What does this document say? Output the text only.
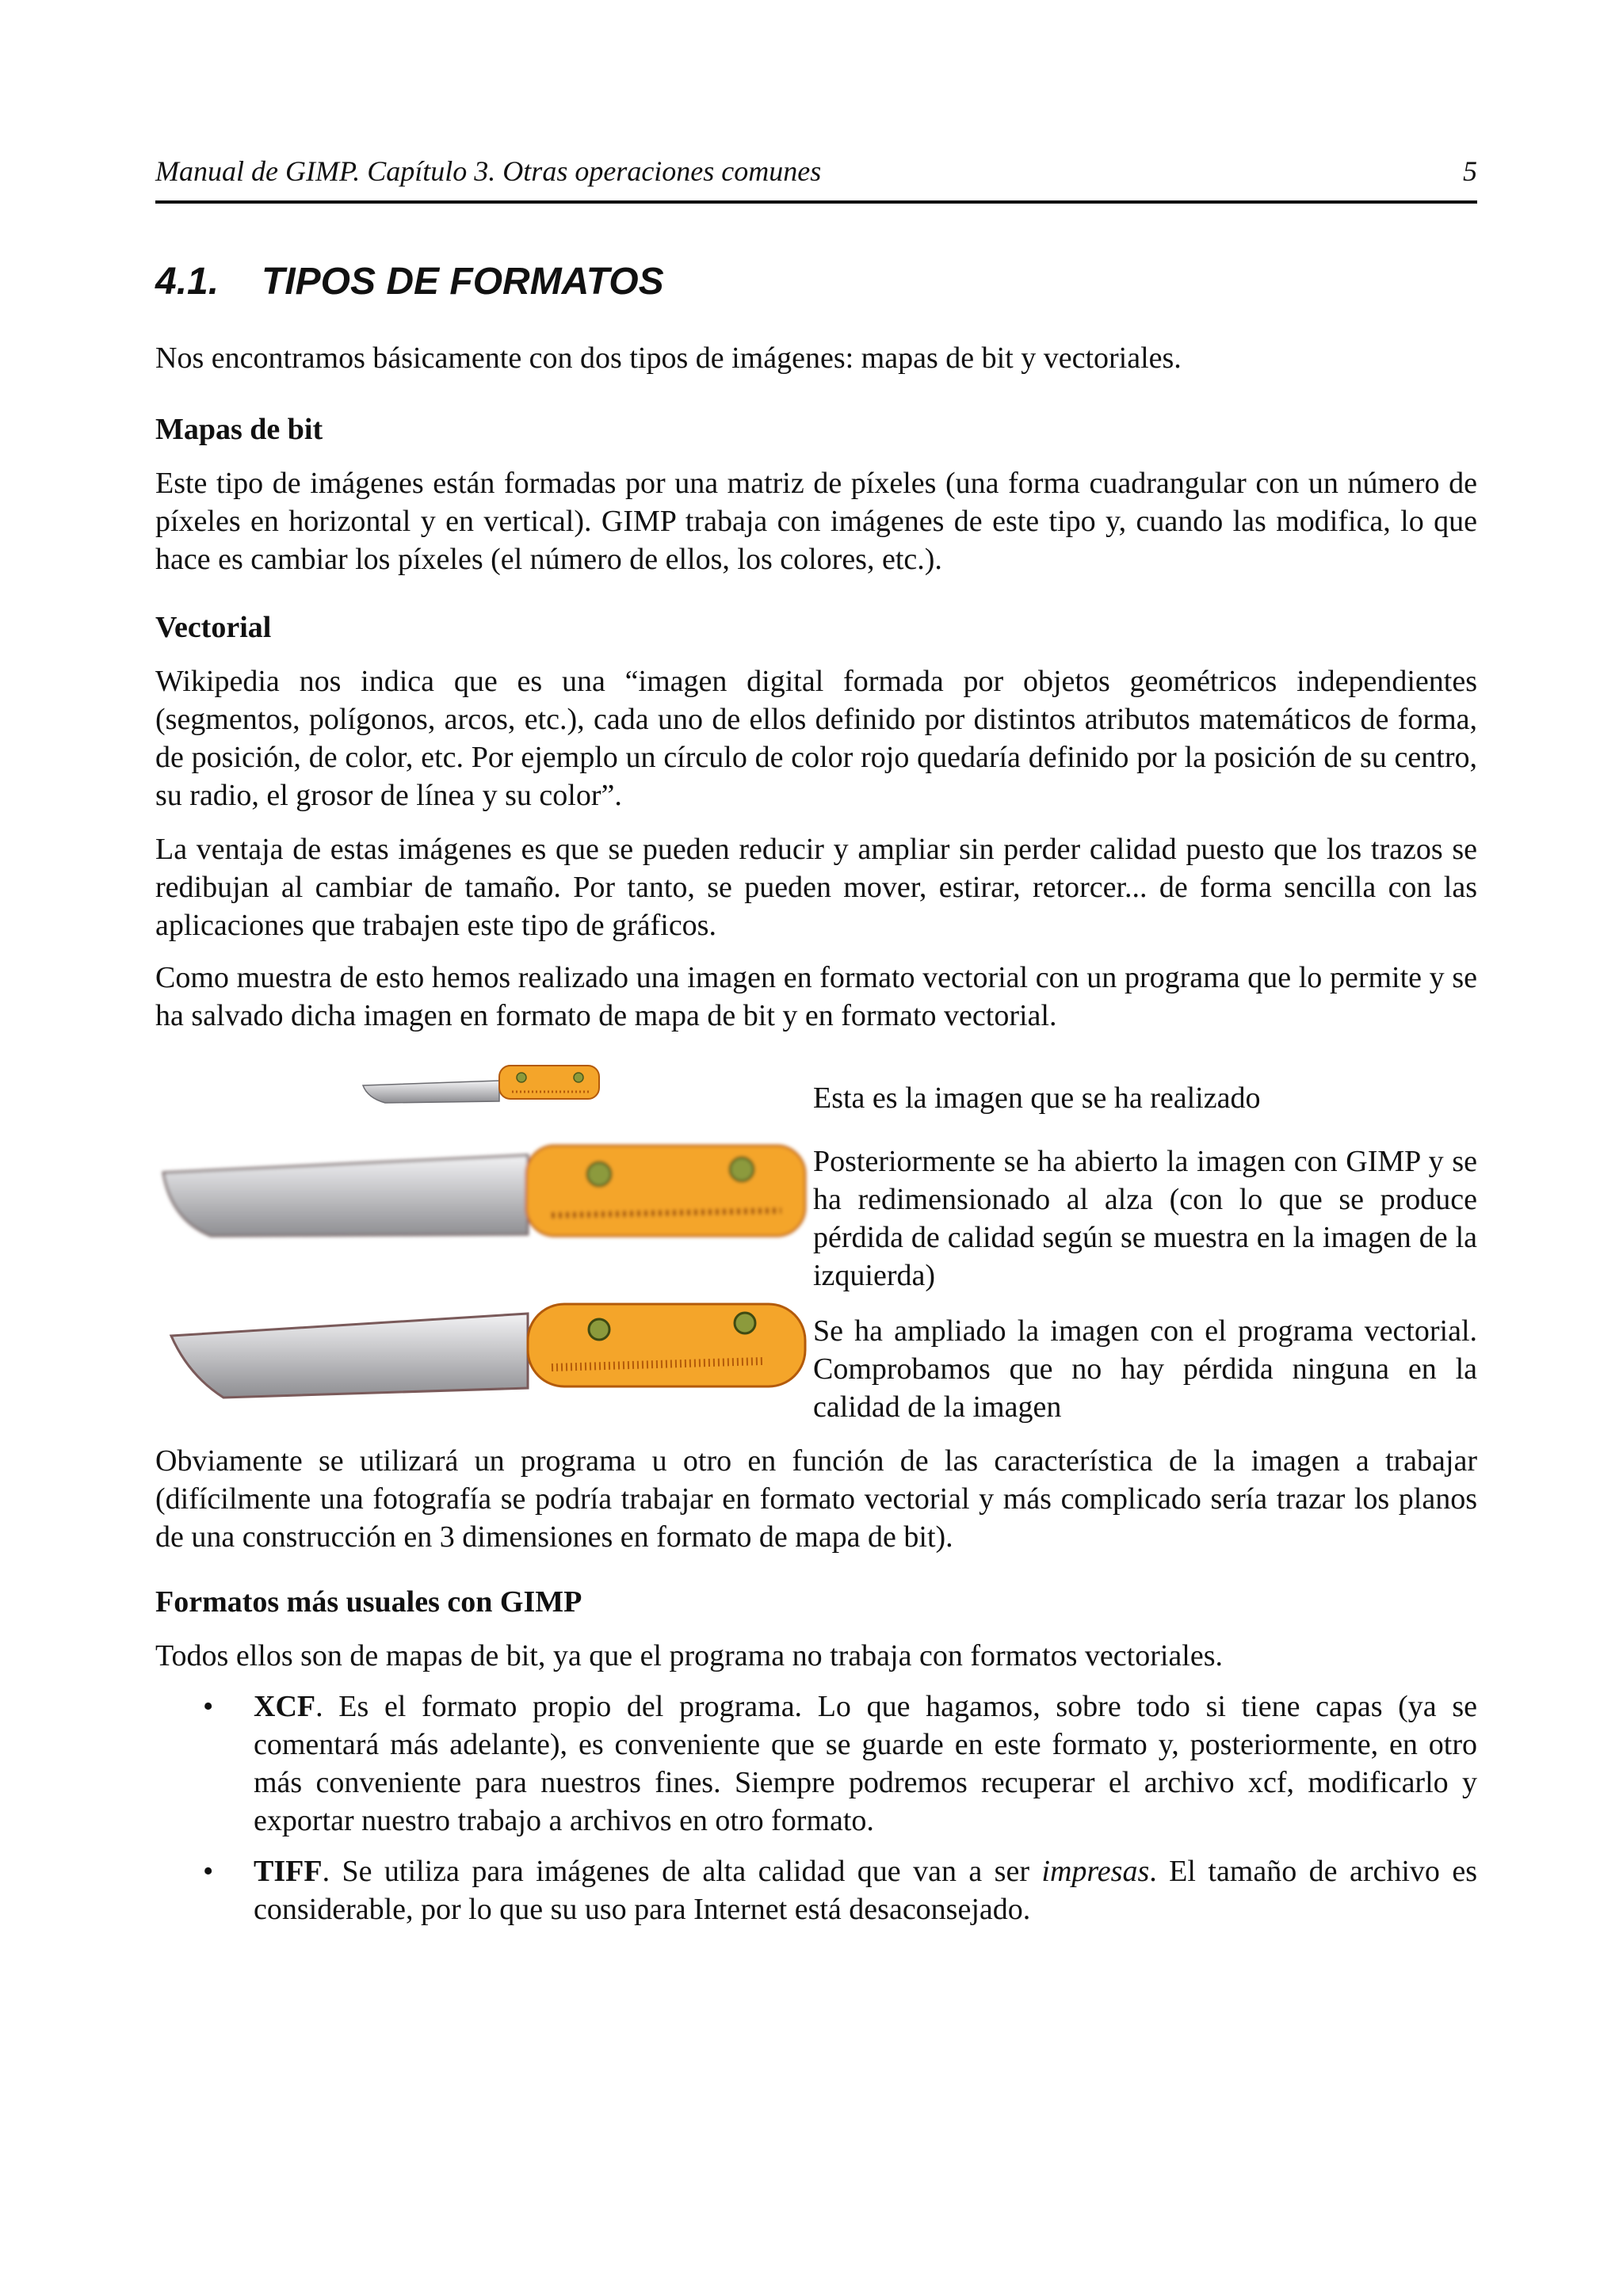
Manual de GIMP. Capítulo 3. Otras operaciones comunes	5
4.1. TIPOS DE FORMATOS

Nos encontramos básicamente con dos tipos de imágenes: mapas de bit y vectoriales.

Mapas de bit

Este tipo de imágenes están formadas por una matriz de píxeles (una forma cuadrangular con un número de píxeles en horizontal y en vertical). GIMP trabaja con imágenes de este tipo y, cuando las modifica, lo que hace es cambiar los píxeles (el número de ellos, los colores, etc.).

Vectorial

Wikipedia nos indica que es una “imagen digital formada por objetos geométricos independientes (segmentos, polígonos, arcos, etc.), cada uno de ellos definido por distintos atributos matemáticos de forma, de posición, de color, etc. Por ejemplo un círculo de color rojo quedaría definido por la posición de su centro, su radio, el grosor de línea y su color”.

La ventaja de estas imágenes es que se pueden reducir y ampliar sin perder calidad puesto que los trazos se redibujan al cambiar de tamaño. Por tanto, se pueden mover, estirar, retorcer... de forma sencilla con las aplicaciones que trabajen este tipo de gráficos.

Como muestra de esto hemos realizado una imagen en formato vectorial con un programa que lo permite y se ha salvado dicha imagen en formato de mapa de bit y en formato vectorial.

Esta es la imagen que se ha realizado

Posteriormente se ha abierto la imagen con GIMP y se ha redimensionado al alza (con lo que se produce pérdida de calidad según se muestra en la imagen de la izquierda)

Se ha ampliado la imagen con el programa vectorial. Comprobamos que no hay pérdida ninguna en la calidad de la imagen

Obviamente se utilizará un programa u otro en función de las característica de la imagen a trabajar (difícilmente una fotografía se podría trabajar en formato vectorial y más complicado sería trazar los planos de una construcción en 3 dimensiones en formato de mapa de bit).

Formatos más usuales con GIMP

Todos ellos son de mapas de bit, ya que el programa no trabaja con formatos vectoriales.

• XCF. Es el formato propio del programa. Lo que hagamos, sobre todo si tiene capas (ya se comentará más adelante), es conveniente que se guarde en este formato y, posteriormente, en otro más conveniente para nuestros fines. Siempre podremos recuperar el archivo xcf, modificarlo y exportar nuestro trabajo a archivos en otro formato.
• TIFF. Se utiliza para imágenes de alta calidad que van a ser impresas. El tamaño de archivo es considerable, por lo que su uso para Internet está desaconsejado.
